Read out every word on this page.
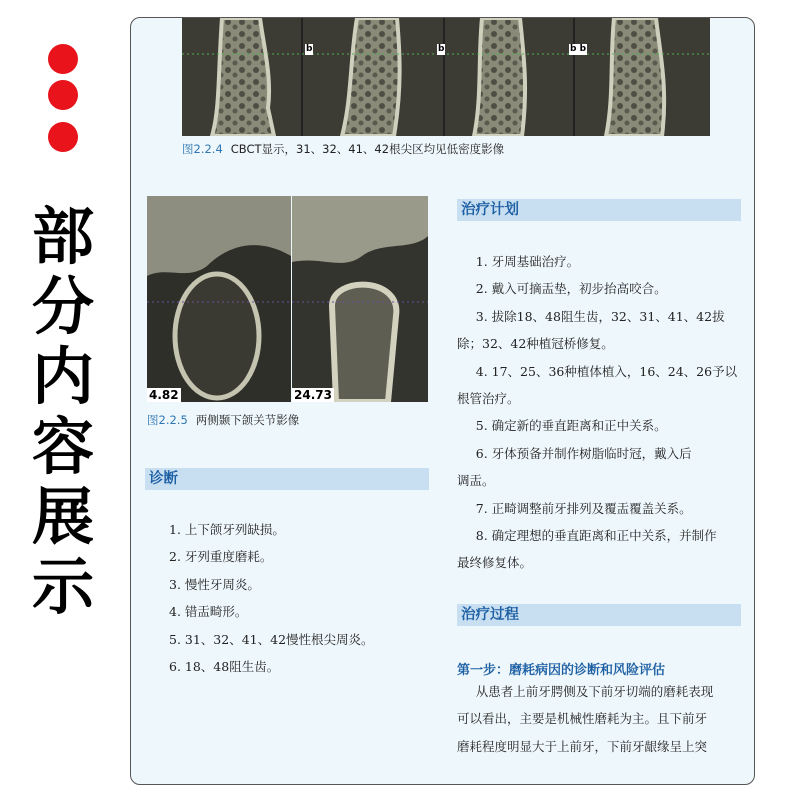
部
分
内
容
展
示
b	b	b b
图2.2.4 CBCT显示，31、32、41、42根尖区均见低密度影像
4.82	24.73
图2.2.5 两侧颞下颌关节影像
诊断
1. 上下颌牙列缺损。
2. 牙列重度磨耗。
3. 慢性牙周炎。
4. 错㿻畸形。
5. 31、32、41、42慢性根尖周炎。
6. 18、48阻生齿。
治疗计划
1. 牙周基础治疗。
2. 戴入可摘㿻垫，初步抬高咬合。
3. 拔除18、48阻生齿，32、31、41、42拔
除；32、42种植冠桥修复。
4. 17、25、36种植体植入，16、24、26予以
根管治疗。
5. 确定新的垂直距离和正中关系。
6. 牙体预备并制作树脂临时冠，戴入后
调㿻。
7. 正畸调整前牙排列及覆㿻覆盖关系。
8. 确定理想的垂直距离和正中关系，并制作
最终修复体。
治疗过程
第一步：磨耗病因的诊断和风险评估
从患者上前牙腭侧及下前牙切端的磨耗表现
可以看出，主要是机械性磨耗为主。且下前牙
磨耗程度明显大于上前牙，下前牙龈缘呈上突
